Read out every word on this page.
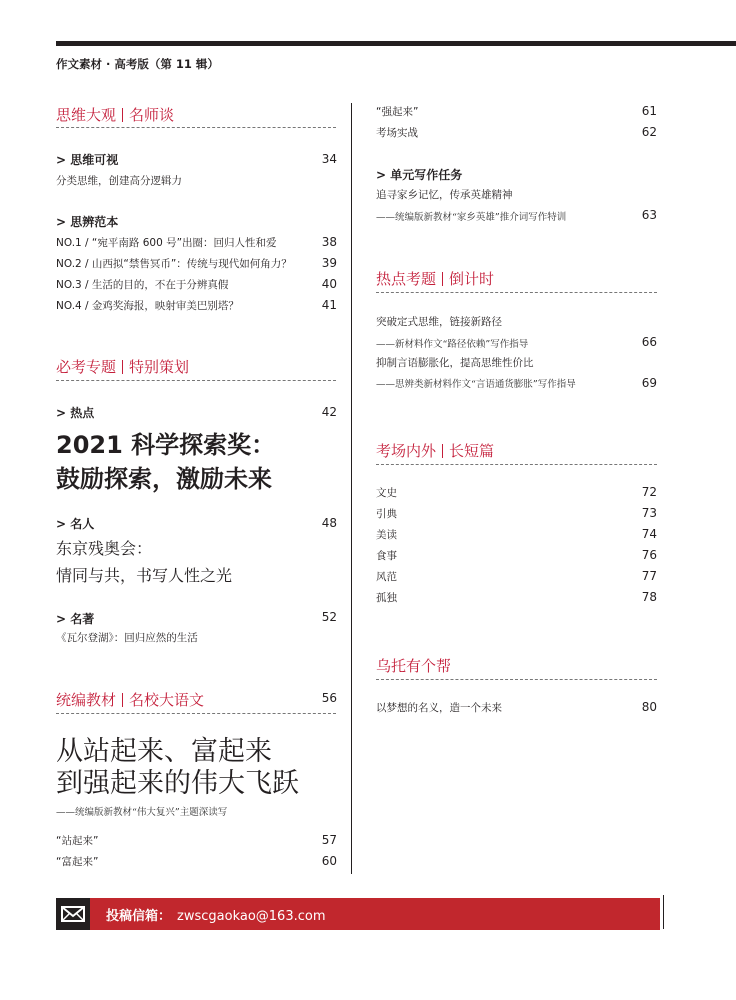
作文素材 · 高考版（第 11 辑）
思维大观 名师谈
> 思维可视	34
分类思维，创建高分逻辑力
> 思辨范本
NO.1 / “宛平南路 600 号”出圈：回归人性和爱	38
NO.2 / 山西拟“禁售冥币”：传统与现代如何角力？	39
NO.3 / 生活的目的，不在于分辨真假	40
NO.4 / 金鸡奖海报，映射审美巴别塔？	41
必考专题 特别策划
> 热点	42
2021 科学探索奖：
鼓励探索，激励未来
> 名人	48
东京残奥会：
情同与共，书写人性之光
> 名著	52
《瓦尔登湖》：回归应然的生活
统编教材 名校大语文	56
从站起来、富起来
到强起来的伟大飞跃
——统编版新教材“伟大复兴”主题深读写
“站起来”	57
“富起来”	60
“强起来”	61
考场实战	62
> 单元写作任务
追寻家乡记忆，传承英雄精神
——统编版新教材“家乡英雄”推介词写作特训	63
热点考题 倒计时
突破定式思维，链接新路径
——新材料作文“路径依赖”写作指导	66
抑制言语膨胀化，提高思维性价比
——思辨类新材料作文“言语通货膨胀”写作指导	69
考场内外 长短篇
文史	72
引典	73
美读	74
食事	76
风范	77
孤独	78
乌托有个帮
以梦想的名义，造一个未来	80
投稿信箱： zwscgaokao@163.com
